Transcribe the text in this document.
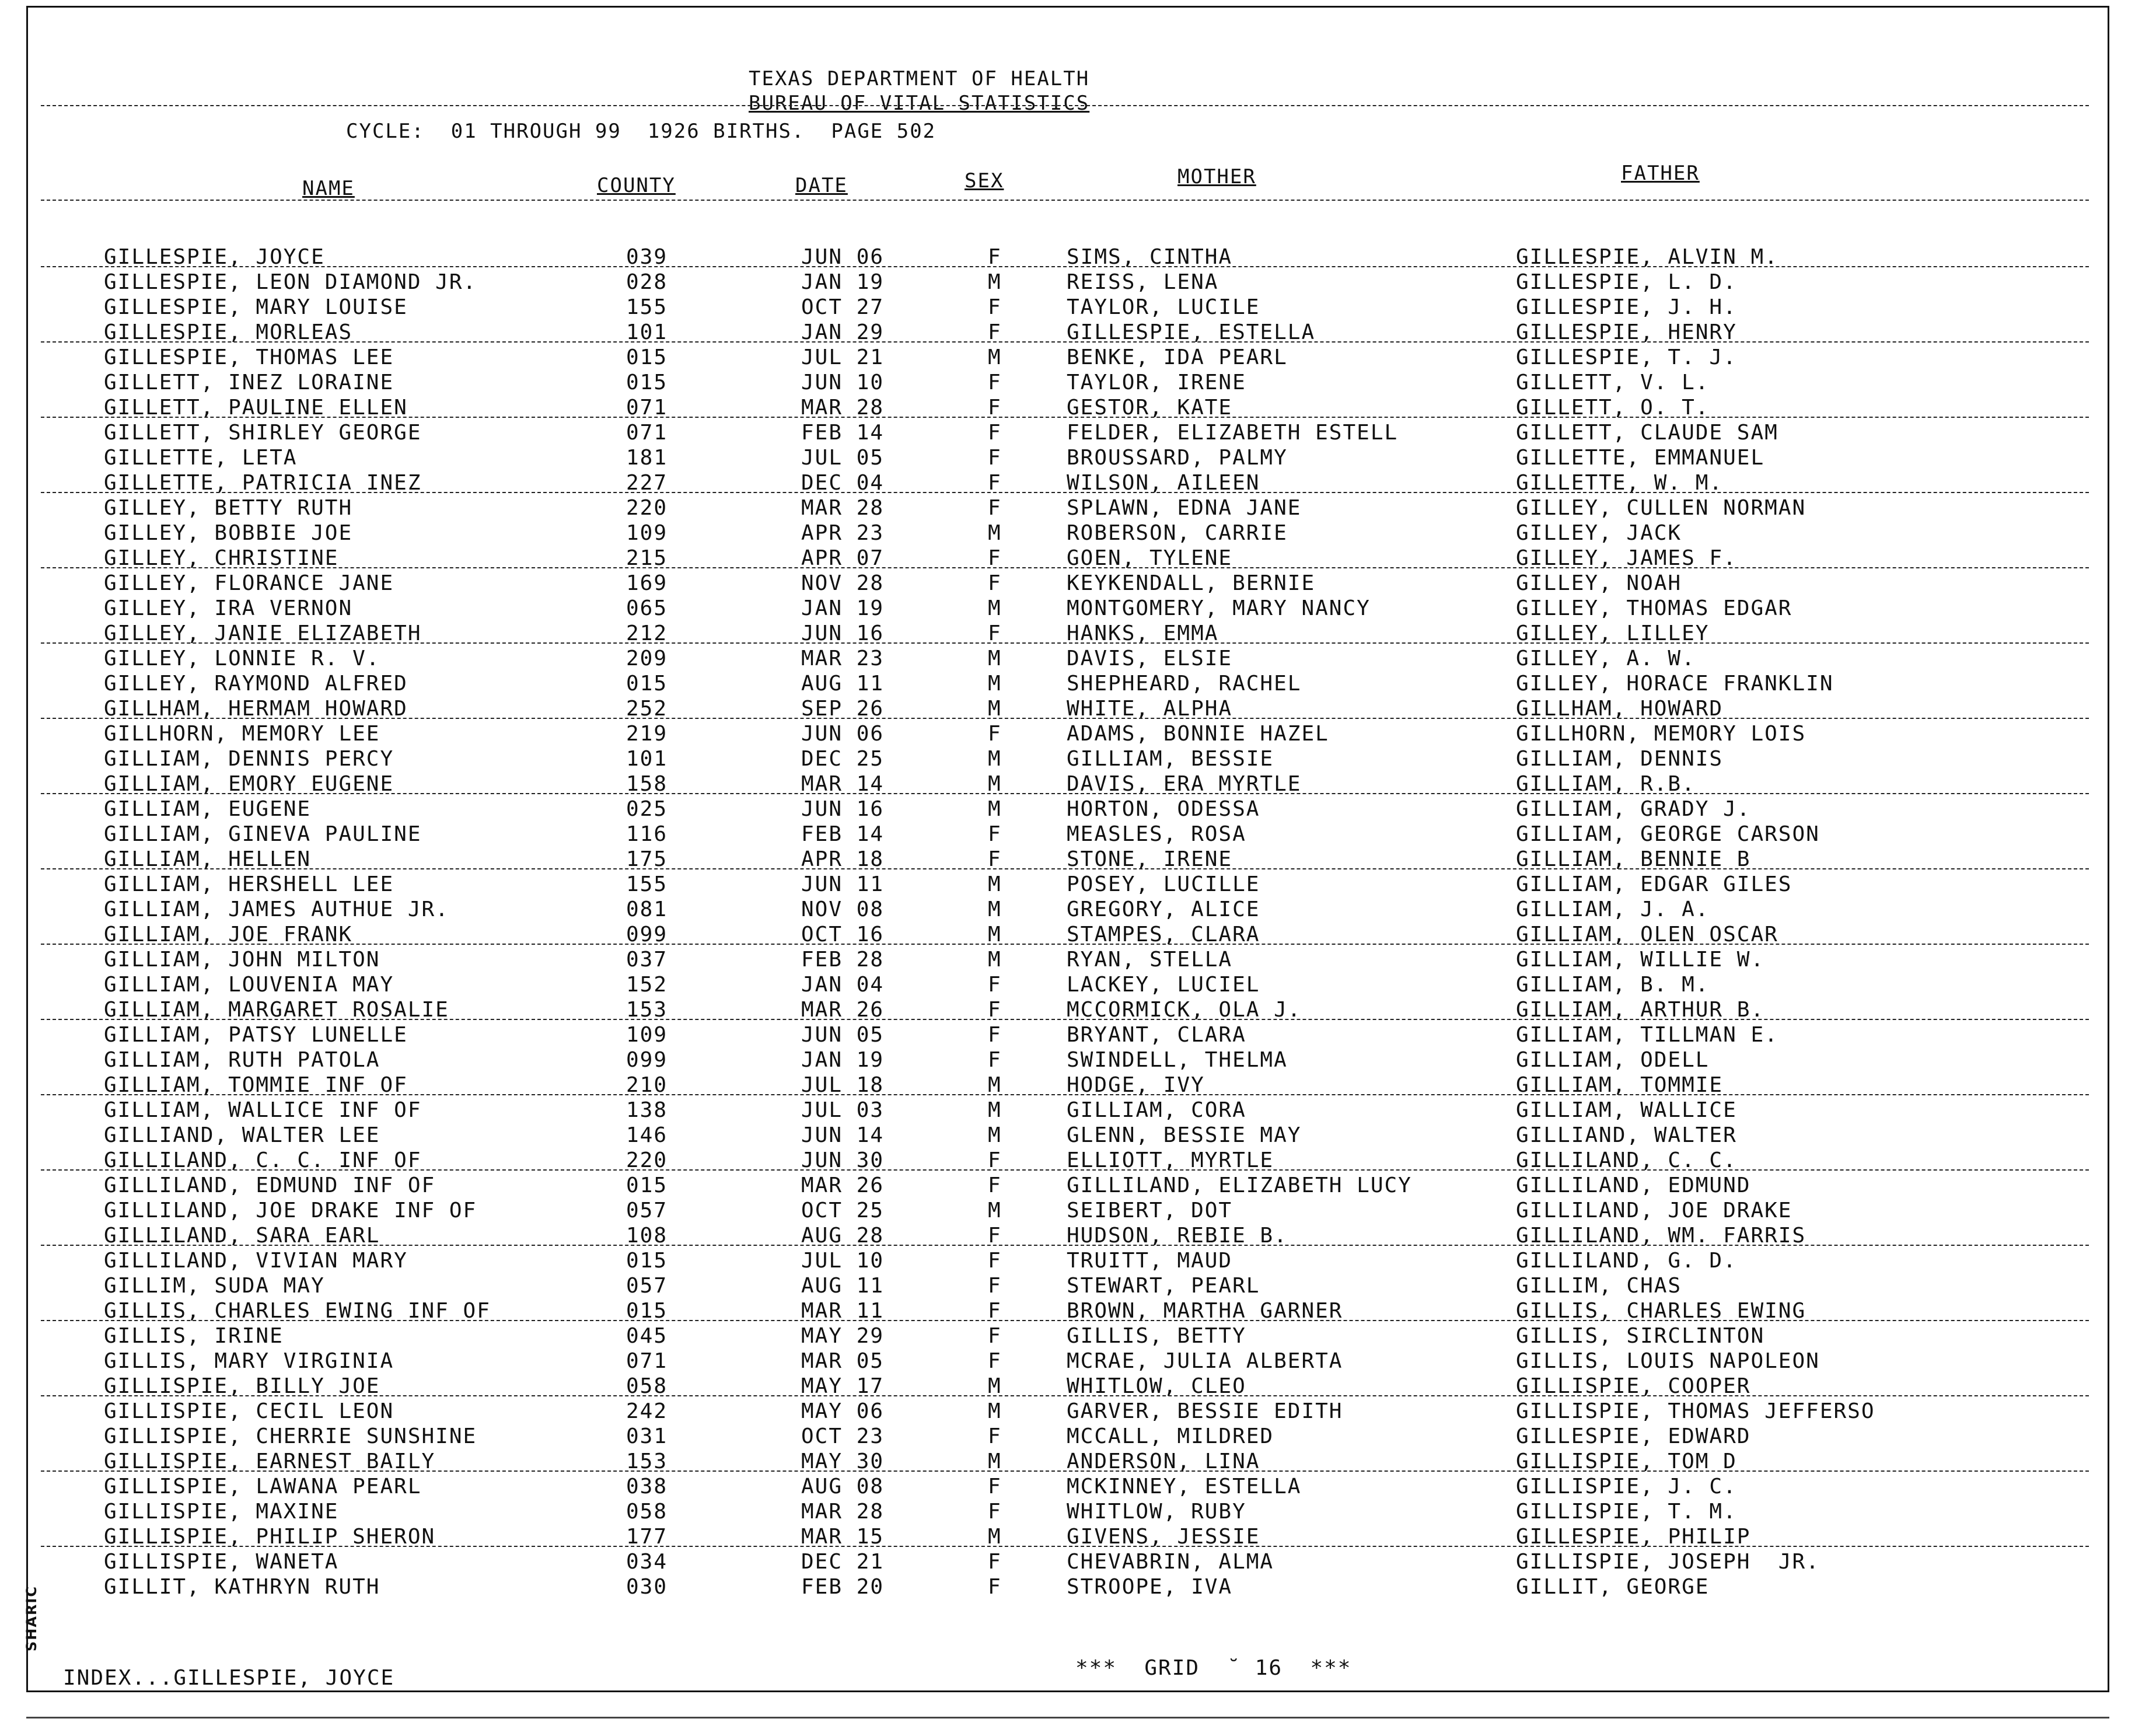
TEXAS DEPARTMENT OF HEALTH
BUREAU OF VITAL STATISTICS
CYCLE:  01 THROUGH 99  1926 BIRTHS.  PAGE 502
NAME	COUNTY	DATE	SEX	MOTHER	FATHER
GILLESPIE, JOYCE	039	JUN 06	F	SIMS, CINTHA	GILLESPIE, ALVIN M.
GILLESPIE, LEON DIAMOND JR.	028	JAN 19	M	REISS, LENA	GILLESPIE, L. D.
GILLESPIE, MARY LOUISE	155	OCT 27	F	TAYLOR, LUCILE	GILLESPIE, J. H.
GILLESPIE, MORLEAS	101	JAN 29	F	GILLESPIE, ESTELLA	GILLESPIE, HENRY
GILLESPIE, THOMAS LEE	015	JUL 21	M	BENKE, IDA PEARL	GILLESPIE, T. J.
GILLETT, INEZ LORAINE	015	JUN 10	F	TAYLOR, IRENE	GILLETT, V. L.
GILLETT, PAULINE ELLEN	071	MAR 28	F	GESTOR, KATE	GILLETT, O. T.
GILLETT, SHIRLEY GEORGE	071	FEB 14	F	FELDER, ELIZABETH ESTELL	GILLETT, CLAUDE SAM
GILLETTE, LETA	181	JUL 05	F	BROUSSARD, PALMY	GILLETTE, EMMANUEL
GILLETTE, PATRICIA INEZ	227	DEC 04	F	WILSON, AILEEN	GILLETTE, W. M.
GILLEY, BETTY RUTH	220	MAR 28	F	SPLAWN, EDNA JANE	GILLEY, CULLEN NORMAN
GILLEY, BOBBIE JOE	109	APR 23	M	ROBERSON, CARRIE	GILLEY, JACK
GILLEY, CHRISTINE	215	APR 07	F	GOEN, TYLENE	GILLEY, JAMES F.
GILLEY, FLORANCE JANE	169	NOV 28	F	KEYKENDALL, BERNIE	GILLEY, NOAH
GILLEY, IRA VERNON	065	JAN 19	M	MONTGOMERY, MARY NANCY	GILLEY, THOMAS EDGAR
GILLEY, JANIE ELIZABETH	212	JUN 16	F	HANKS, EMMA	GILLEY, LILLEY
GILLEY, LONNIE R. V.	209	MAR 23	M	DAVIS, ELSIE	GILLEY, A. W.
GILLEY, RAYMOND ALFRED	015	AUG 11	M	SHEPHEARD, RACHEL	GILLEY, HORACE FRANKLIN
GILLHAM, HERMAM HOWARD	252	SEP 26	M	WHITE, ALPHA	GILLHAM, HOWARD
GILLHORN, MEMORY LEE	219	JUN 06	F	ADAMS, BONNIE HAZEL	GILLHORN, MEMORY LOIS
GILLIAM, DENNIS PERCY	101	DEC 25	M	GILLIAM, BESSIE	GILLIAM, DENNIS
GILLIAM, EMORY EUGENE	158	MAR 14	M	DAVIS, ERA MYRTLE	GILLIAM, R.B.
GILLIAM, EUGENE	025	JUN 16	M	HORTON, ODESSA	GILLIAM, GRADY J.
GILLIAM, GINEVA PAULINE	116	FEB 14	F	MEASLES, ROSA	GILLIAM, GEORGE CARSON
GILLIAM, HELLEN	175	APR 18	F	STONE, IRENE	GILLIAM, BENNIE B
GILLIAM, HERSHELL LEE	155	JUN 11	M	POSEY, LUCILLE	GILLIAM, EDGAR GILES
GILLIAM, JAMES AUTHUE JR.	081	NOV 08	M	GREGORY, ALICE	GILLIAM, J. A.
GILLIAM, JOE FRANK	099	OCT 16	M	STAMPES, CLARA	GILLIAM, OLEN OSCAR
GILLIAM, JOHN MILTON	037	FEB 28	M	RYAN, STELLA	GILLIAM, WILLIE W.
GILLIAM, LOUVENIA MAY	152	JAN 04	F	LACKEY, LUCIEL	GILLIAM, B. M.
GILLIAM, MARGARET ROSALIE	153	MAR 26	F	MCCORMICK, OLA J.	GILLIAM, ARTHUR B.
GILLIAM, PATSY LUNELLE	109	JUN 05	F	BRYANT, CLARA	GILLIAM, TILLMAN E.
GILLIAM, RUTH PATOLA	099	JAN 19	F	SWINDELL, THELMA	GILLIAM, ODELL
GILLIAM, TOMMIE INF OF	210	JUL 18	M	HODGE, IVY	GILLIAM, TOMMIE
GILLIAM, WALLICE INF OF	138	JUL 03	M	GILLIAM, CORA	GILLIAM, WALLICE
GILLIAND, WALTER LEE	146	JUN 14	M	GLENN, BESSIE MAY	GILLIAND, WALTER
GILLILAND, C. C. INF OF	220	JUN 30	F	ELLIOTT, MYRTLE	GILLILAND, C. C.
GILLILAND, EDMUND INF OF	015	MAR 26	F	GILLILAND, ELIZABETH LUCY	GILLILAND, EDMUND
GILLILAND, JOE DRAKE INF OF	057	OCT 25	M	SEIBERT, DOT	GILLILAND, JOE DRAKE
GILLILAND, SARA EARL	108	AUG 28	F	HUDSON, REBIE B.	GILLILAND, WM. FARRIS
GILLILAND, VIVIAN MARY	015	JUL 10	F	TRUITT, MAUD	GILLILAND, G. D.
GILLIM, SUDA MAY	057	AUG 11	F	STEWART, PEARL	GILLIM, CHAS
GILLIS, CHARLES EWING INF OF	015	MAR 11	F	BROWN, MARTHA GARNER	GILLIS, CHARLES EWING
GILLIS, IRINE	045	MAY 29	F	GILLIS, BETTY	GILLIS, SIRCLINTON
GILLIS, MARY VIRGINIA	071	MAR 05	F	MCRAE, JULIA ALBERTA	GILLIS, LOUIS NAPOLEON
GILLISPIE, BILLY JOE	058	MAY 17	M	WHITLOW, CLEO	GILLISPIE, COOPER
GILLISPIE, CECIL LEON	242	MAY 06	M	GARVER, BESSIE EDITH	GILLISPIE, THOMAS JEFFERSO
GILLISPIE, CHERRIE SUNSHINE	031	OCT 23	F	MCCALL, MILDRED	GILLESPIE, EDWARD
GILLISPIE, EARNEST BAILY	153	MAY 30	M	ANDERSON, LINA	GILLISPIE, TOM D
GILLISPIE, LAWANA PEARL	038	AUG 08	F	MCKINNEY, ESTELLA	GILLISPIE, J. C.
GILLISPIE, MAXINE	058	MAR 28	F	WHITLOW, RUBY	GILLISPIE, T. M.
GILLISPIE, PHILIP SHERON	177	MAR 15	M	GIVENS, JESSIE	GILLESPIE, PHILIP
GILLISPIE, WANETA	034	DEC 21	F	CHEVABRIN, ALMA	GILLISPIE, JOSEPH  JR.
GILLIT, KATHRYN RUTH	030	FEB 20	F	STROOPE, IVA	GILLIT, GEORGE
SHARIC
INDEX...GILLESPIE, JOYCE	***  GRID  ˘ 16  ***
